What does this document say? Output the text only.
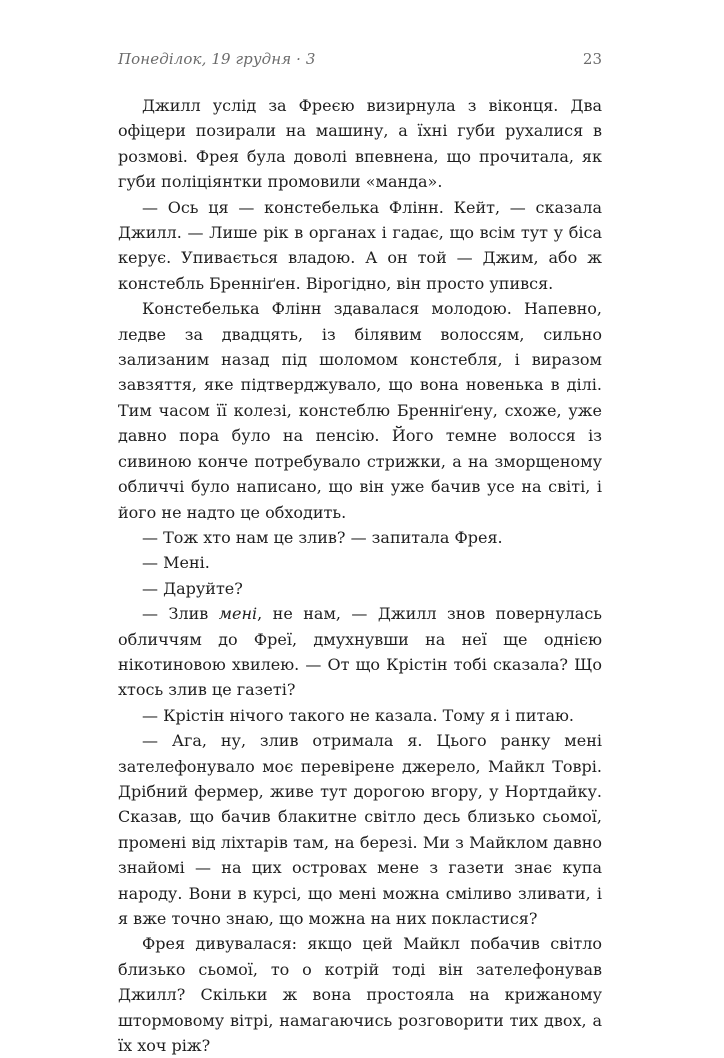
Понеділок, 19 грудня · 3	23

Джилл услід за Фреєю визирнула з віконця. Два офіцери позирали на машину, а їхні губи рухалися в розмові. Фрея була доволі впевнена, що прочитала, як губи поліціянтки промовили «манда».

— Ось ця — констебелька Флінн. Кейт, — сказала Джилл. — Лише рік в органах і гадає, що всім тут у біса керує. Упивається владою. А он той — Джим, або ж констебль Бренніґен. Вірогідно, він просто упився.

Констебелька Флінн здавалася молодою. Напевно, ледве за двадцять, із білявим волоссям, сильно зализаним назад під шоломом констебля, і виразом завзяття, яке підтверджувало, що вона новенька в ділі. Тим часом її колезі, констеблю Бренніґену, схоже, уже давно пора було на пенсію. Його темне волосся із сивиною конче потребувало стрижки, а на зморщеному обличчі було написано, що він уже бачив усе на світі, і його не надто це обходить.

— Тож хто нам це злив? — запитала Фрея.

— Мені.

— Даруйте?

— Злив мені, не нам, — Джилл знов повернулась обличчям до Фреї, дмухнувши на неї ще однією нікотиновою хвилею. — От що Крістін тобі сказала? Що хтось злив це газеті?

— Крістін нічого такого не казала. Тому я і питаю.

— Ага, ну, злив отримала я. Цього ранку мені зателефонувало моє перевірене джерело, Майкл Товрі. Дрібний фермер, живе тут дорогою вгору, у Нортдайку. Сказав, що бачив блакитне світло десь близько сьомої, промені від ліхтарів там, на березі. Ми з Майклом давно знайомі — на цих островах мене з газети знає купа народу. Вони в курсі, що мені можна сміливо зливати, і я вже точно знаю, що можна на них покластися?

Фрея дивувалася: якщо цей Майкл побачив світло близько сьомої, то о котрій тоді він зателефонував Джилл? Скільки ж вона простояла на крижаному штормовому вітрі, намагаючись розговорити тих двох, а їх хоч ріж?
